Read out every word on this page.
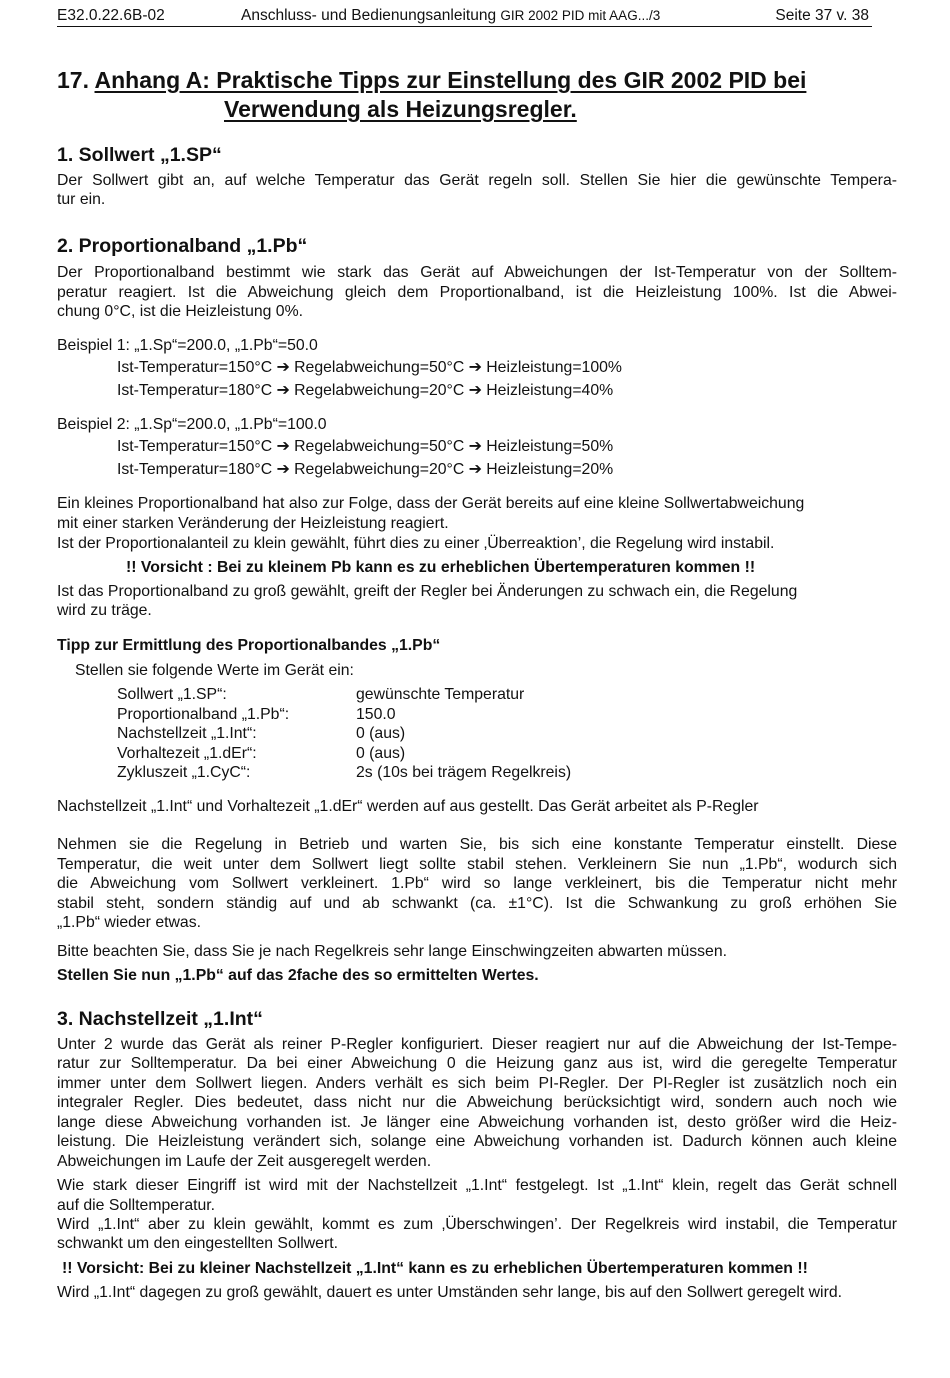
E32.0.22.6B-02	Anschluss- und Bedienungsanleitung GIR 2002 PID mit AAG.../3	Seite 37 v. 38
17. Anhang A: Praktische Tipps zur Einstellung des GIR 2002 PID bei
Verwendung als Heizungsregler.
1. Sollwert „1.SP“
Der Sollwert gibt an, auf welche Temperatur das Gerät regeln soll. Stellen Sie hier die gewünschte Tempera-
tur ein.
2. Proportionalband „1.Pb“
Der Proportionalband bestimmt wie stark das Gerät auf Abweichungen der Ist-Temperatur von der Solltem-
peratur reagiert. Ist die Abweichung gleich dem Proportionalband, ist die Heizleistung 100%. Ist die Abwei-
chung 0°C, ist die Heizleistung 0%.
Beispiel 1: „1.Sp“=200.0, „1.Pb“=50.0
Ist-Temperatur=150°C ➔ Regelabweichung=50°C ➔ Heizleistung=100%
Ist-Temperatur=180°C ➔ Regelabweichung=20°C ➔ Heizleistung=40%
Beispiel 2: „1.Sp“=200.0, „1.Pb“=100.0
Ist-Temperatur=150°C ➔ Regelabweichung=50°C ➔ Heizleistung=50%
Ist-Temperatur=180°C ➔ Regelabweichung=20°C ➔ Heizleistung=20%
Ein kleines Proportionalband hat also zur Folge, dass der Gerät bereits auf eine kleine Sollwertabweichung
mit einer starken Veränderung der Heizleistung reagiert.
Ist der Proportionalanteil zu klein gewählt, führt dies zu einer ‚Überreaktion’, die Regelung wird instabil.
!! Vorsicht : Bei zu kleinem Pb kann es zu erheblichen Übertemperaturen kommen !!
Ist das Proportionalband zu groß gewählt, greift der Regler bei Änderungen zu schwach ein, die Regelung
wird zu träge.
Tipp zur Ermittlung des Proportionalbandes „1.Pb“
Stellen sie folgende Werte im Gerät ein:
Sollwert „1.SP“:	gewünschte Temperatur
Proportionalband „1.Pb“:	150.0
Nachstellzeit „1.Int“:	0 (aus)
Vorhaltezeit „1.dEr“:	0 (aus)
Zykluszeit „1.CyC“:	2s (10s bei trägem Regelkreis)
Nachstellzeit „1.Int“ und Vorhaltezeit „1.dEr“ werden auf aus gestellt. Das Gerät arbeitet als P-Regler
Nehmen sie die Regelung in Betrieb und warten Sie, bis sich eine konstante Temperatur einstellt. Diese
Temperatur, die weit unter dem Sollwert liegt sollte stabil stehen. Verkleinern Sie nun „1.Pb“, wodurch sich
die Abweichung vom Sollwert verkleinert. 1.Pb“ wird so lange verkleinert, bis die Temperatur nicht mehr
stabil steht, sondern ständig auf und ab schwankt (ca. ±1°C). Ist die Schwankung zu groß erhöhen Sie
„1.Pb“ wieder etwas.
Bitte beachten Sie, dass Sie je nach Regelkreis sehr lange Einschwingzeiten abwarten müssen.
Stellen Sie nun „1.Pb“ auf das 2fache des so ermittelten Wertes.
3. Nachstellzeit „1.Int“
Unter 2 wurde das Gerät als reiner P-Regler konfiguriert. Dieser reagiert nur auf die Abweichung der Ist-Tempe-
ratur zur Solltemperatur. Da bei einer Abweichung 0 die Heizung ganz aus ist, wird die geregelte Temperatur
immer unter dem Sollwert liegen. Anders verhält es sich beim PI-Regler. Der PI-Regler ist zusätzlich noch ein
integraler Regler. Dies bedeutet, dass nicht nur die Abweichung berücksichtigt wird, sondern auch noch wie
lange diese Abweichung vorhanden ist. Je länger eine Abweichung vorhanden ist, desto größer wird die Heiz-
leistung. Die Heizleistung verändert sich, solange eine Abweichung vorhanden ist. Dadurch können auch kleine
Abweichungen im Laufe der Zeit ausgeregelt werden.
Wie stark dieser Eingriff ist wird mit der Nachstellzeit „1.Int“ festgelegt. Ist „1.Int“ klein, regelt das Gerät schnell
auf die Solltemperatur.
Wird „1.Int“ aber zu klein gewählt, kommt es zum ‚Überschwingen’. Der Regelkreis wird instabil, die Temperatur
schwankt um den eingestellten Sollwert.
!! Vorsicht: Bei zu kleiner Nachstellzeit „1.Int“ kann es zu erheblichen Übertemperaturen kommen !!
Wird „1.Int“ dagegen zu groß gewählt, dauert es unter Umständen sehr lange, bis auf den Sollwert geregelt wird.
